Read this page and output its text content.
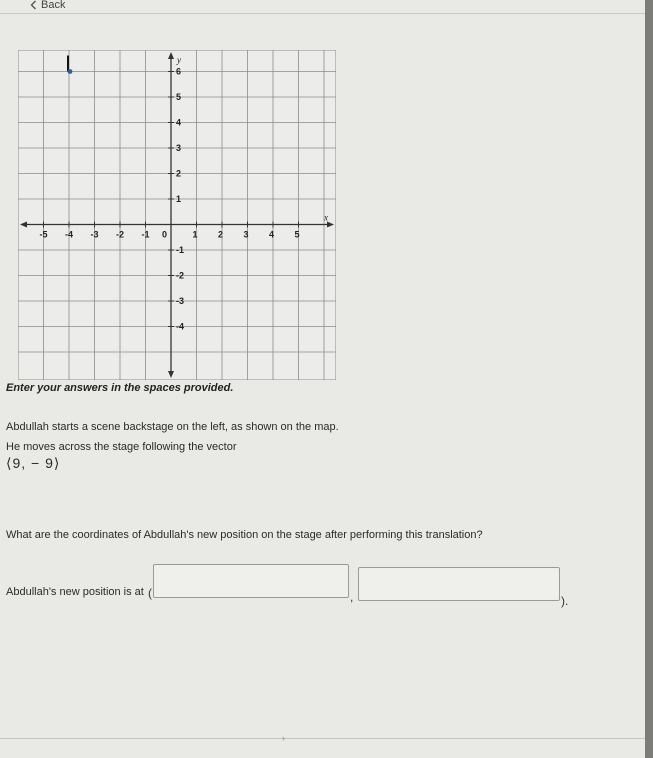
Back
x
y
-5 -4 -3 -2 -1 0	1 2 3 4 5
6
5
4
3
2
1
-1
-2
-3
-4
Enter your answers in the spaces provided.
Abdullah starts a scene backstage on the left, as shown on the map.
He moves across the stage following the vector
⟨9, − 9⟩
What are the coordinates of Abdullah's new position on the stage after performing this translation?
Abdullah's new position is at (	,	).
›
